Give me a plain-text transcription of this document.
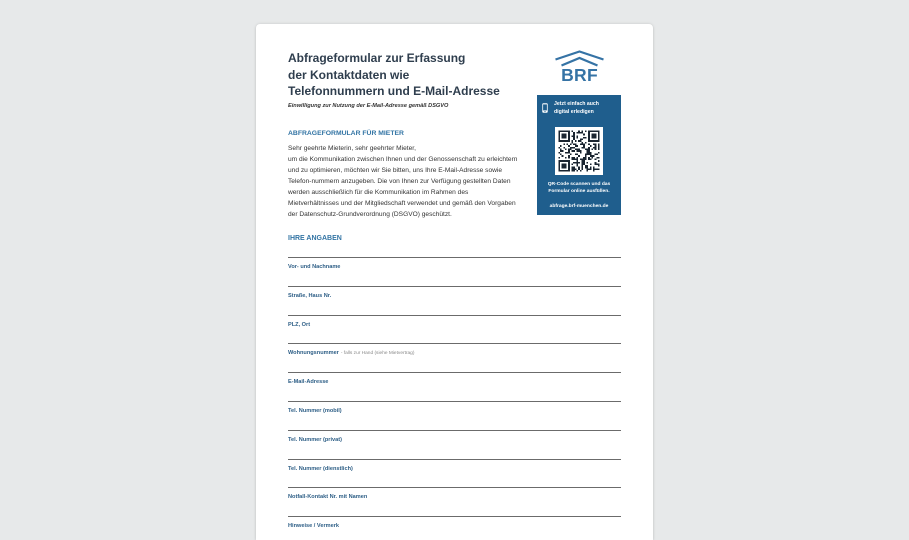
Abfrageformular zur Erfassung
der Kontaktdaten wie
Telefonnummern und E-Mail-Adresse
Einwilligung zur Nutzung der E-Mail-Adresse gemäß DSGVO
ABFRAGEFORMULAR FÜR MIETER
Sehr geehrte Mieterin, sehr geehrter Mieter,
um die Kommunikation zwischen Ihnen und der Genossenschaft zu erleichtern
und zu optimieren, möchten wir Sie bitten, uns Ihre E-Mail-Adresse sowie
Telefon-nummern anzugeben. Die von Ihnen zur Verfügung gestellten Daten
werden ausschließlich für die Kommunikation im Rahmen des
Mietverhältnisses und der Mitgliedschaft verwendet und gemäß den Vorgaben
der Datenschutz-Grundverordnung (DSGVO) geschützt.
IHRE ANGABEN
Vor- und Nachname
Straße, Haus Nr.
PLZ, Ort
Wohnungsnummer - falls zur Hand (siehe Mietvertrag)
E-Mail-Adresse
Tel. Nummer (mobil)
Tel. Nummer (privat)
Tel. Nummer (dienstlich)
Notfall-Kontakt Nr. mit Namen
Hinweise / Vermerk
BRF
Jetzt einfach auch
digital erledigen
QR-Code scannen und das
Formular online ausfüllen.
abfrage.brf-muenchen.de
